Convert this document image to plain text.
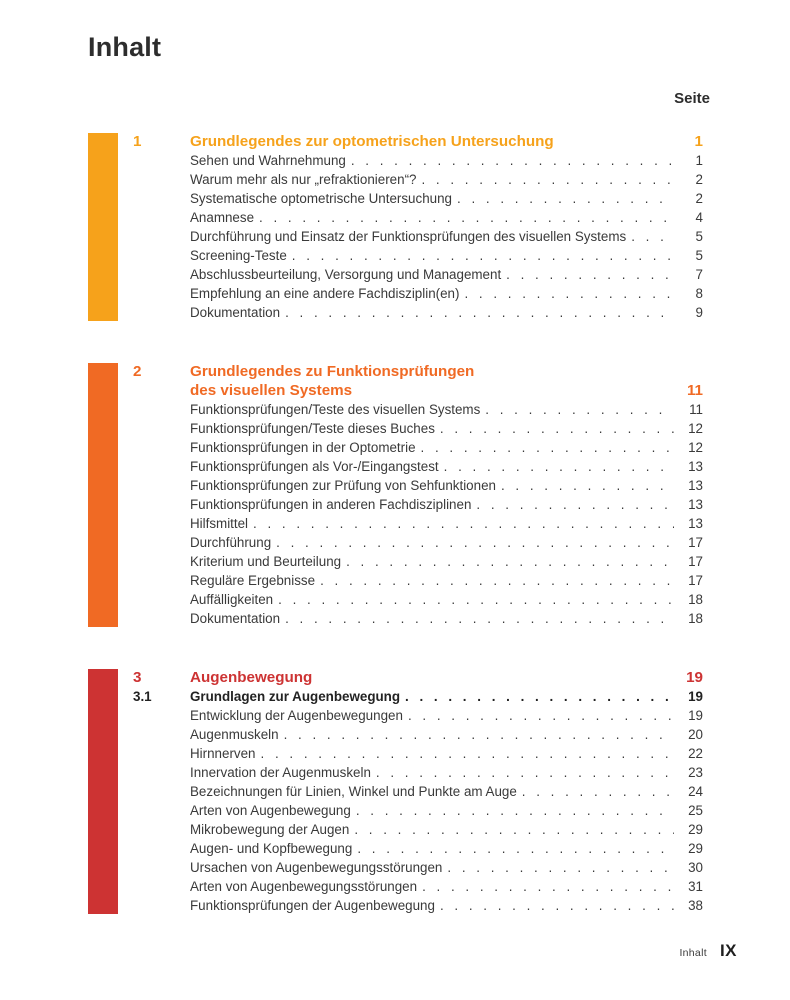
Inhalt
Seite
1	Grundlegendes zur optometrischen Untersuchung	1
Sehen und Wahrnehmung . . .	1
Warum mehr als nur „refraktionieren“? . . .	2
Systematische optometrische Untersuchung . . .	2
Anamnese . . .	4
Durchführung und Einsatz der Funktionsprüfungen des visuellen Systems . . .	5
Screening-Teste . . .	5
Abschlussbeurteilung, Versorgung und Management . . .	7
Empfehlung an eine andere Fachdisziplin(en) . . .	8
Dokumentation . . .	9
2	Grundlegendes zu Funktionsprüfungen
des visuellen Systems	11
Funktionsprüfungen/Teste des visuellen Systems . . .	11
Funktionsprüfungen/Teste dieses Buches . . .	12
Funktionsprüfungen in der Optometrie . . .	12
Funktionsprüfungen als Vor-/Eingangstest . . .	13
Funktionsprüfungen zur Prüfung von Sehfunktionen . . .	13
Funktionsprüfungen in anderen Fachdisziplinen . . .	13
Hilfsmittel . . .	13
Durchführung . . .	17
Kriterium und Beurteilung . . .	17
Reguläre Ergebnisse . . .	17
Auffälligkeiten . . .	18
Dokumentation . . .	18
3	Augenbewegung	19
3.1	Grundlagen zur Augenbewegung . . .	19
Entwicklung der Augenbewegungen . . .	19
Augenmuskeln . . .	20
Hirnnerven . . .	22
Innervation der Augenmuskeln . . .	23
Bezeichnungen für Linien, Winkel und Punkte am Auge . . .	24
Arten von Augenbewegung . . .	25
Mikrobewegung der Augen . . .	29
Augen- und Kopfbewegung . . .	29
Ursachen von Augenbewegungsstörungen . . .	30
Arten von Augenbewegungsstörungen . . .	31
Funktionsprüfungen der Augenbewegung . . .	38
Inhalt IX
